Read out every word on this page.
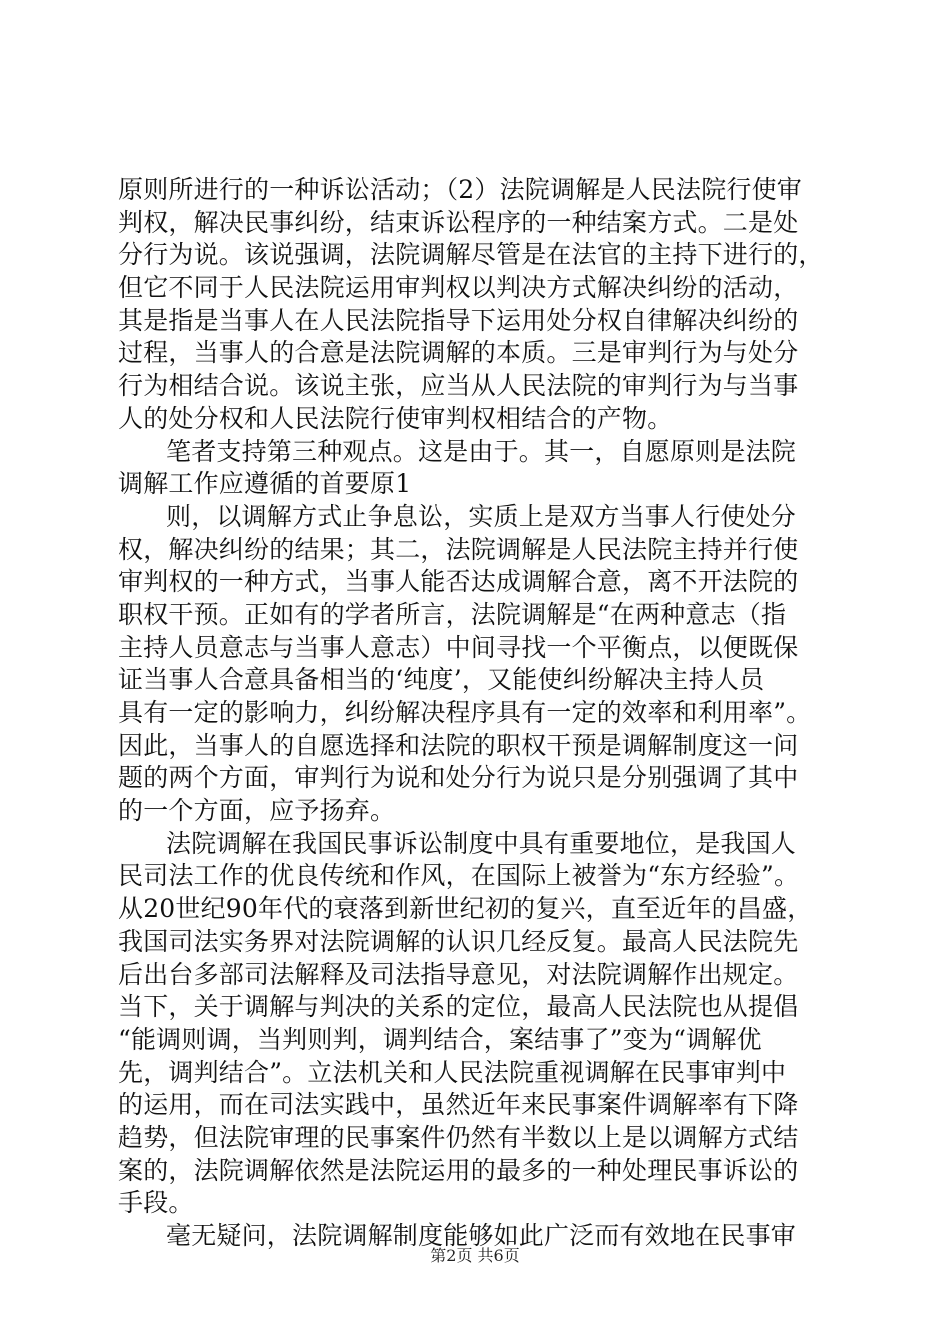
原则所进行的一种诉讼活动；（2）法院调解是人民法院行使审
判权，解决民事纠纷，结束诉讼程序的一种结案方式。二是处
分行为说。该说强调，法院调解尽管是在法官的主持下进行的，
但它不同于人民法院运用审判权以判决方式解决纠纷的活动，
其是指是当事人在人民法院指导下运用处分权自律解决纠纷的
过程，当事人的合意是法院调解的本质。三是审判行为与处分
行为相结合说。该说主张，应当从人民法院的审判行为与当事
人的处分权和人民法院行使审判权相结合的产物。
笔者支持第三种观点。这是由于。其一，自愿原则是法院
调解工作应遵循的首要原1
则，以调解方式止争息讼，实质上是双方当事人行使处分
权，解决纠纷的结果；其二，法院调解是人民法院主持并行使
审判权的一种方式，当事人能否达成调解合意，离不开法院的
职权干预。正如有的学者所言，法院调解是“在两种意志（指
主持人员意志与当事人意志）中间寻找一个平衡点，以便既保
证当事人合意具备相当的‘纯度’，又能使纠纷解决主持人员
具有一定的影响力，纠纷解决程序具有一定的效率和利用率”。
因此，当事人的自愿选择和法院的职权干预是调解制度这一问
题的两个方面，审判行为说和处分行为说只是分别强调了其中
的一个方面，应予扬弃。
法院调解在我国民事诉讼制度中具有重要地位，是我国人
民司法工作的优良传统和作风，在国际上被誉为“东方经验”。
从20世纪90年代的衰落到新世纪初的复兴，直至近年的昌盛，
我国司法实务界对法院调解的认识几经反复。最高人民法院先
后出台多部司法解释及司法指导意见，对法院调解作出规定。
当下，关于调解与判决的关系的定位，最高人民法院也从提倡
“能调则调，当判则判，调判结合，案结事了”变为“调解优
先，调判结合”。立法机关和人民法院重视调解在民事审判中
的运用，而在司法实践中，虽然近年来民事案件调解率有下降
趋势，但法院审理的民事案件仍然有半数以上是以调解方式结
案的，法院调解依然是法院运用的最多的一种处理民事诉讼的
手段。
毫无疑问，法院调解制度能够如此广泛而有效地在民事审
第2页 共6页
